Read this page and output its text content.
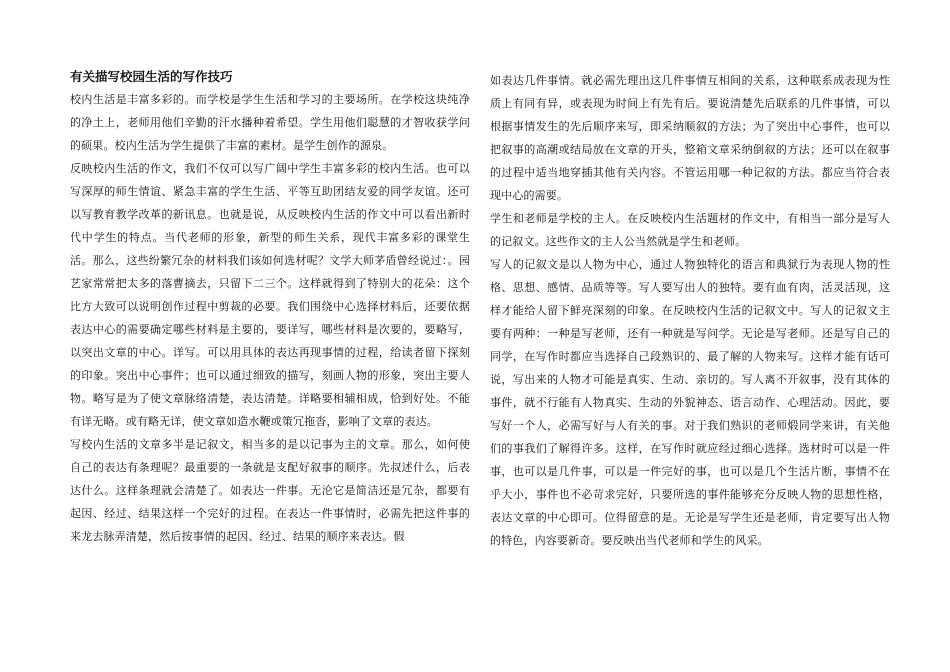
有关描写校园生活的写作技巧

校内生活是丰富多彩的。而学校是学生生活和学习的主要场所。在学校这块纯净的净土上，老师用他们辛勤的汗水播种着希望。学生用他们聪慧的才智收获学问的硕果。校内生活为学生提供了丰富的素材。是学生创作的源泉。

反映校内生活的作文，我们不仅可以写广阔中学生丰富多彩的校内生活。也可以写深厚的师生情谊、紧急丰富的学生生活、平等互助团结友爱的同学友谊。还可以写教育教学改革的新讯息。也就是说，从反映校内生活的作文中可以看出新时代中学生的特点。当代老师的形象，新型的师生关系，现代丰富多彩的课堂生活。那么，这些纷繁冗杂的材料我们该如何选材呢？文学大师茅盾曾经说过：。园艺家常常把太多的落曹摘去，只留下二三个。这样就得到了特别大的花朵：这个比方大致可以说明创作过程中剪裁的必要。我们围绕中心选择材料后，还要依据表达中心的需要确定哪些材料是主要的，要详写，哪些材料是次要的，要略写，以突出文章的中心。详写。可以用具体的表达再现事情的过程，给读者留下探刻的印象。突出中心事件；也可以通过细致的描写，刻画人物的形象，突出主要人物。略写是为了使文章脉络清楚，表达清楚。详略要相辅相成，恰到好处。不能有详无略。或有略无详，使文章如造水鞭或策冗拖沓，影响了文章的表达。

写校内生活的文章多半是记叙文，相当多的是以记事为主的文章。那么，如何使自己的表达有条理呢？最重要的一条就是支配好叙事的顺序。先叔述什么，后表达什么。这样条理就会清楚了。如表达一件事。无沦它是简洁还是冗杂，都要有起因、经过、结果这样一个完好的过程。在表达一件事情时，必需先把这件事的来龙去脉弄清楚，然后按事情的起因、经过、结果的顺序来表达。假

如表达几件事情。就必需先理出这几件事情互相间的关系，这种联系成表现为性质上有同有异，或表现为时间上有先有后。要说清楚先后联系的几件事情，可以根据事情发生的先后顺序来写，即采纳顺叙的方法；为了突出中心事件，也可以把叙事的高潮或结局放在文章的开头，整箱文章采纳倒叙的方法；还可以在叙事的过程中适当地穿插其他有关内容。不管运用哪一种记叙的方法。都应当符合表现中心的需要。

学生和老师是学校的主人。在反映校内生活题材的作文中，有相当一部分是写人的记叙文。这些作文的主人公当然就是学生和老师。

写人的记叙文是以人物为中心，通过人物独特化的语言和典狱行为表现人物的性格、思想、感情、品质等等。写人要写出人的独特。要有血有肉，活灵活现，这样才能给人留下鲜亮深刻的印象。在反映校内生活的记叙文中。写人的记叙文主要有两种：一种是写老师，还有一种就是写问学。无论是写老师。还是写自己的同学，在写作时都应当选择自己段熟识的、最了解的人物来写。这样才能有话可说，写出来的人物才可能是真实、生动、亲切的。写人离不开叙事，没有其体的事件，就不行能有人物真实、生动的外貌神态、语言动作、心理活动。因此，要写好一个人，必需写好与人有关的事。对于我们熟识的老师煅同学来讲，有关他们的事我们了解得许多。这样，在写作时就应经过细心选择。选材时可以是一件事，也可以是几件事，可以是一件完好的事，也可以是几个生活片断，事情不在乎大小，事件也不必苛求完好，只要所选的事件能够充分反映人物的思想性格，表达文章的中心即可。位得留意的是。无论是写学生还是老师，肯定要写出人物的特色，内容要新奇。要反映出当代老师和学生的风采。
